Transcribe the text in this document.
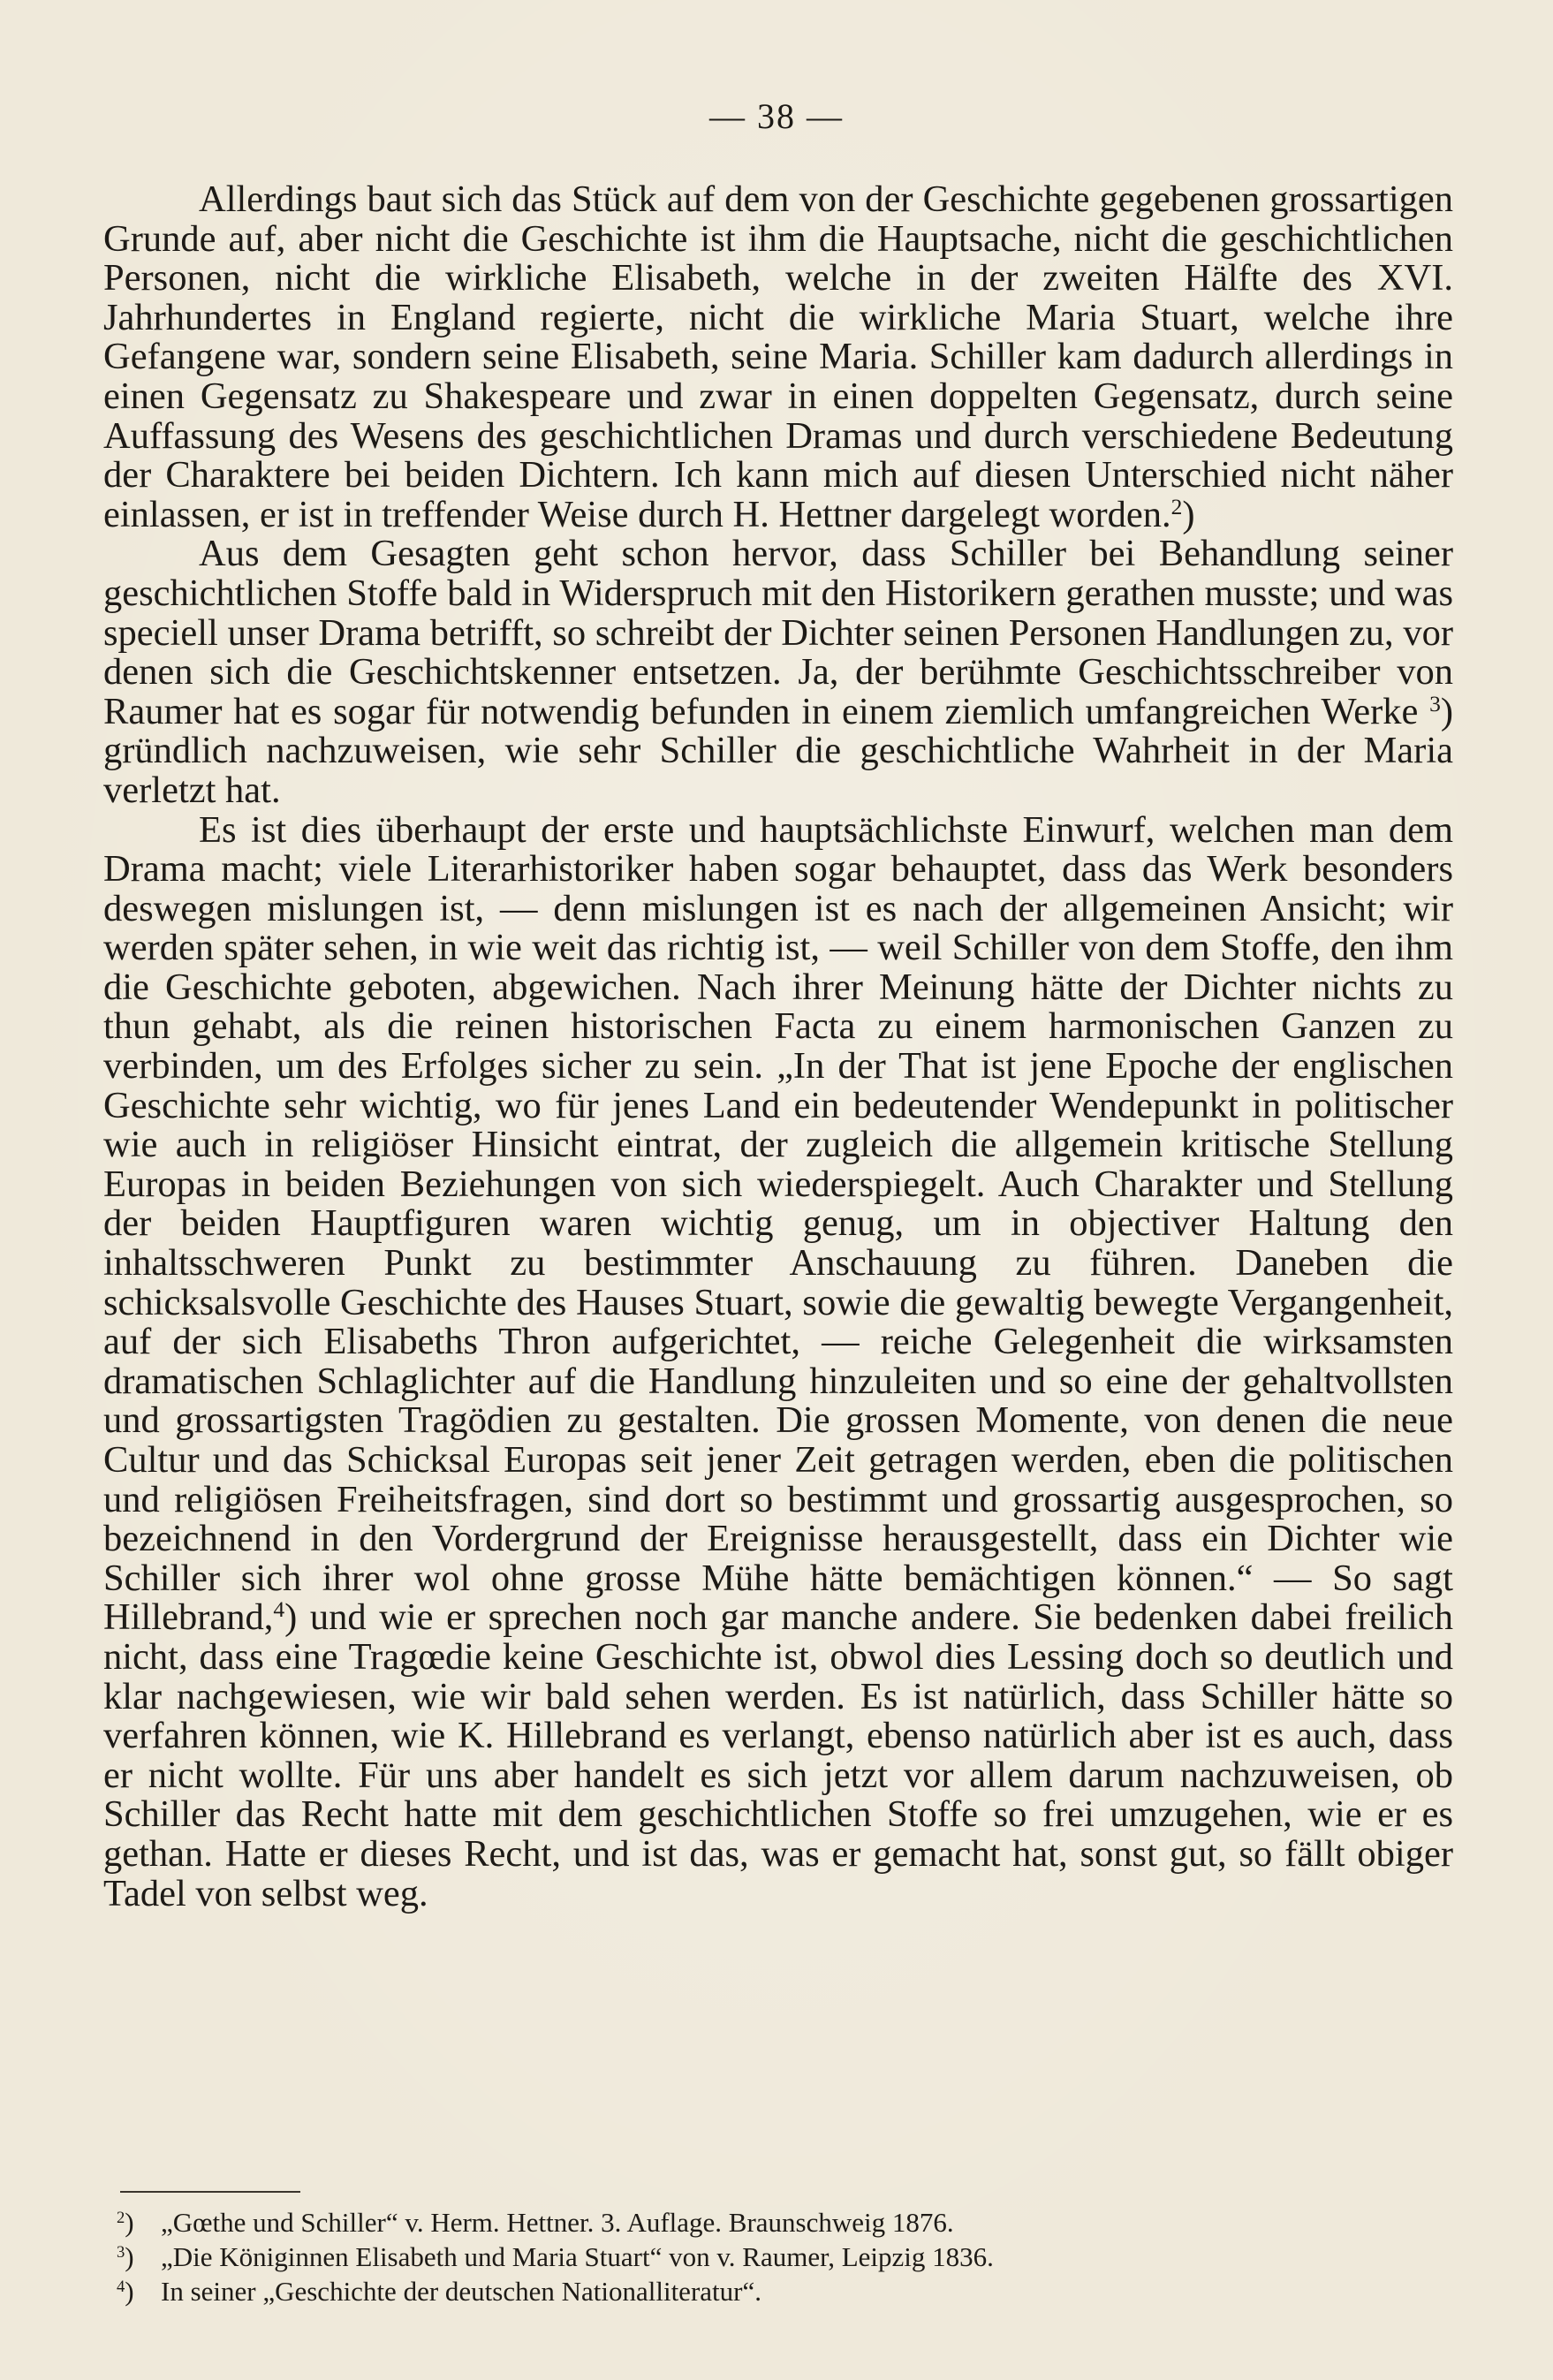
— 38 —

Allerdings baut sich das Stück auf dem von der Geschichte gegebenen grossartigen Grunde auf, aber nicht die Geschichte ist ihm die Hauptsache, nicht die geschichtlichen Personen, nicht die wirkliche Elisabeth, welche in der zweiten Hälfte des XVI. Jahrhundertes in England regierte, nicht die wirkliche Maria Stuart, welche ihre Gefangene war, sondern seine Elisabeth, seine Maria. Schiller kam dadurch allerdings in einen Gegensatz zu Shakespeare und zwar in einen doppelten Gegensatz, durch seine Auffassung des Wesens des geschichtlichen Dramas und durch verschiedene Bedeutung der Charaktere bei beiden Dichtern. Ich kann mich auf diesen Unterschied nicht näher einlassen, er ist in treffender Weise durch H. Hettner dargelegt worden.$^2$)

Aus dem Gesagten geht schon hervor, dass Schiller bei Behandlung seiner geschichtlichen Stoffe bald in Widerspruch mit den Historikern gerathen musste; und was speciell unser Drama betrifft, so schreibt der Dichter seinen Personen Handlungen zu, vor denen sich die Geschichtskenner entsetzen. Ja, der berühmte Geschichtsschreiber von Raumer hat es sogar für notwendig befunden in einem ziemlich umfangreichen Werke $^3$) gründlich nachzuweisen, wie sehr Schiller die geschichtliche Wahrheit in der Maria verletzt hat.

Es ist dies überhaupt der erste und hauptsächlichste Einwurf, welchen man dem Drama macht; viele Literarhistoriker haben sogar behauptet, dass das Werk besonders deswegen mislungen ist, — denn mislungen ist es nach der allgemeinen Ansicht; wir werden später sehen, in wie weit das richtig ist, — weil Schiller von dem Stoffe, den ihm die Geschichte geboten, abgewichen. Nach ihrer Meinung hätte der Dichter nichts zu thun gehabt, als die reinen historischen Facta zu einem harmonischen Ganzen zu verbinden, um des Erfolges sicher zu sein. „In der That ist jene Epoche der englischen Geschichte sehr wichtig, wo für jenes Land ein bedeutender Wendepunkt in politischer wie auch in religiöser Hinsicht eintrat, der zugleich die allgemein kritische Stellung Europas in beiden Beziehungen von sich wiederspiegelt. Auch Charakter und Stellung der beiden Hauptfiguren waren wichtig genug, um in objectiver Haltung den inhaltsschweren Punkt zu bestimmter Anschauung zu führen. Daneben die schicksalsvolle Geschichte des Hauses Stuart, sowie die gewaltig bewegte Vergangenheit, auf der sich Elisabeths Thron aufgerichtet, — reiche Gelegenheit die wirksamsten dramatischen Schlaglichter auf die Handlung hinzuleiten und so eine der gehaltvollsten und grossartigsten Tragödien zu gestalten. Die grossen Momente, von denen die neue Cultur und das Schicksal Europas seit jener Zeit getragen werden, eben die politischen und religiösen Freiheitsfragen, sind dort so bestimmt und grossartig ausgesprochen, so bezeichnend in den Vordergrund der Ereignisse herausgestellt, dass ein Dichter wie Schiller sich ihrer wol ohne grosse Mühe hätte bemächtigen können.“ — So sagt Hillebrand,$^4$) und wie er sprechen noch gar manche andere. Sie bedenken dabei freilich nicht, dass eine Tragœdie keine Geschichte ist, obwol dies Lessing doch so deutlich und klar nachgewiesen, wie wir bald sehen werden. Es ist natürlich, dass Schiller hätte so verfahren können, wie K. Hillebrand es verlangt, ebenso natürlich aber ist es auch, dass er nicht wollte. Für uns aber handelt es sich jetzt vor allem darum nachzuweisen, ob Schiller das Recht hatte mit dem geschichtlichen Stoffe so frei umzugehen, wie er es gethan. Hatte er dieses Recht, und ist das, was er gemacht hat, sonst gut, so fällt obiger Tadel von selbst weg.

$^2$) „Gœthe und Schiller“ v. Herm. Hettner. 3. Auflage. Braunschweig 1876.
$^3$) „Die Königinnen Elisabeth und Maria Stuart“ von v. Raumer, Leipzig 1836.
$^4$) In seiner „Geschichte der deutschen Nationalliteratur“.
